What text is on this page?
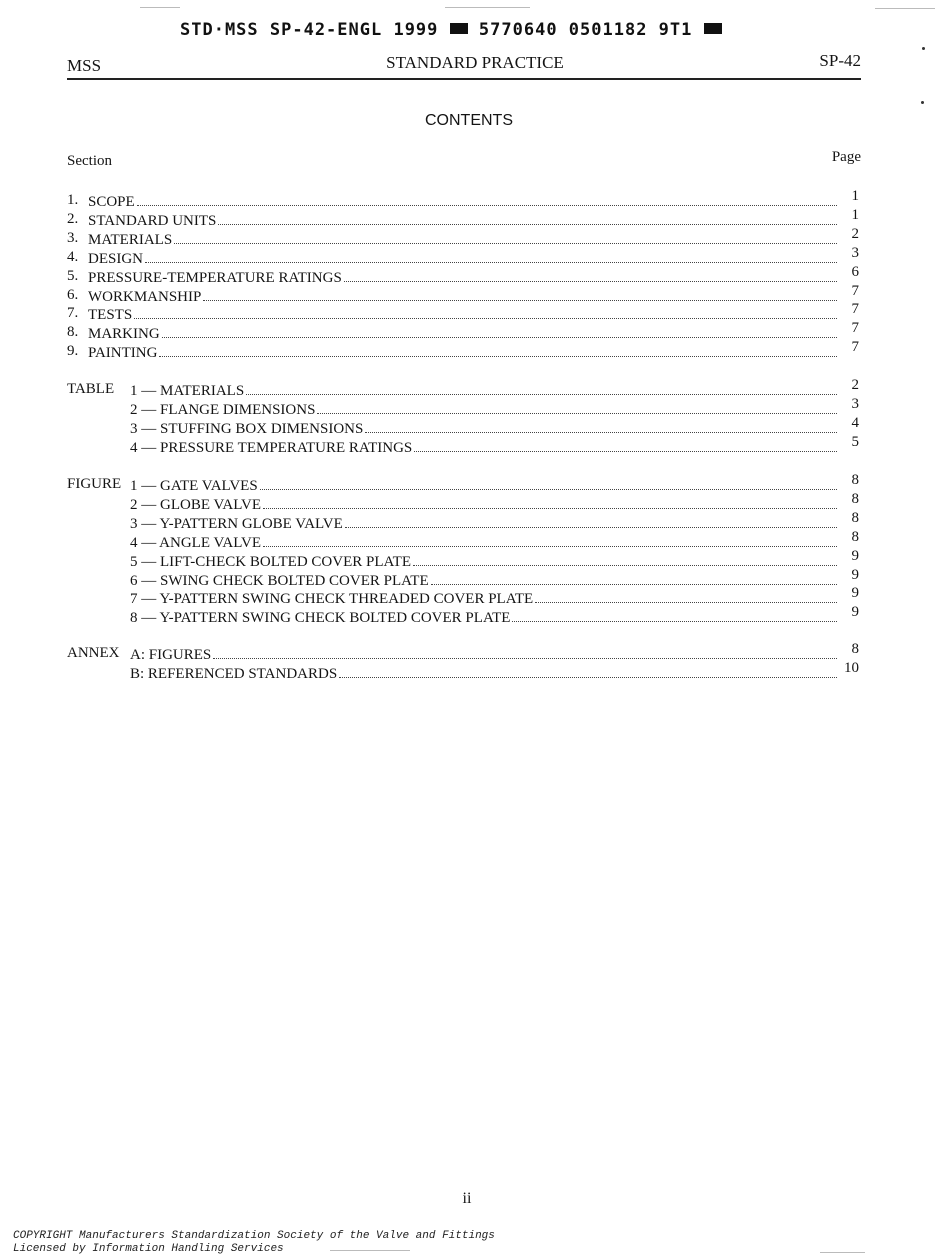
STD·MSS SP-42-ENGL 1999 5770640 0501182 9T1
MSS	STANDARD PRACTICE	SP-42
CONTENTS
Section	Page
1. SCOPE	1
2. STANDARD UNITS	1
3. MATERIALS	2
4. DESIGN	3
5. PRESSURE-TEMPERATURE RATINGS	6
6. WORKMANSHIP	7
7. TESTS	7
8. MARKING	7
9. PAINTING	7
TABLE 1 — MATERIALS	2
2 — FLANGE DIMENSIONS	3
3 — STUFFING BOX DIMENSIONS	4
4 — PRESSURE TEMPERATURE RATINGS	5
FIGURE 1 — GATE VALVES	8
2 — GLOBE VALVE	8
3 — Y-PATTERN GLOBE VALVE	8
4 — ANGLE VALVE	8
5 — LIFT-CHECK BOLTED COVER PLATE	9
6 — SWING CHECK BOLTED COVER PLATE	9
7 — Y-PATTERN SWING CHECK THREADED COVER PLATE	9
8 — Y-PATTERN SWING CHECK BOLTED COVER PLATE	9
ANNEX A: FIGURES	8
B: REFERENCED STANDARDS	10
ii
COPYRIGHT Manufacturers Standardization Society of the Valve and Fittings
Licensed by Information Handling Services
